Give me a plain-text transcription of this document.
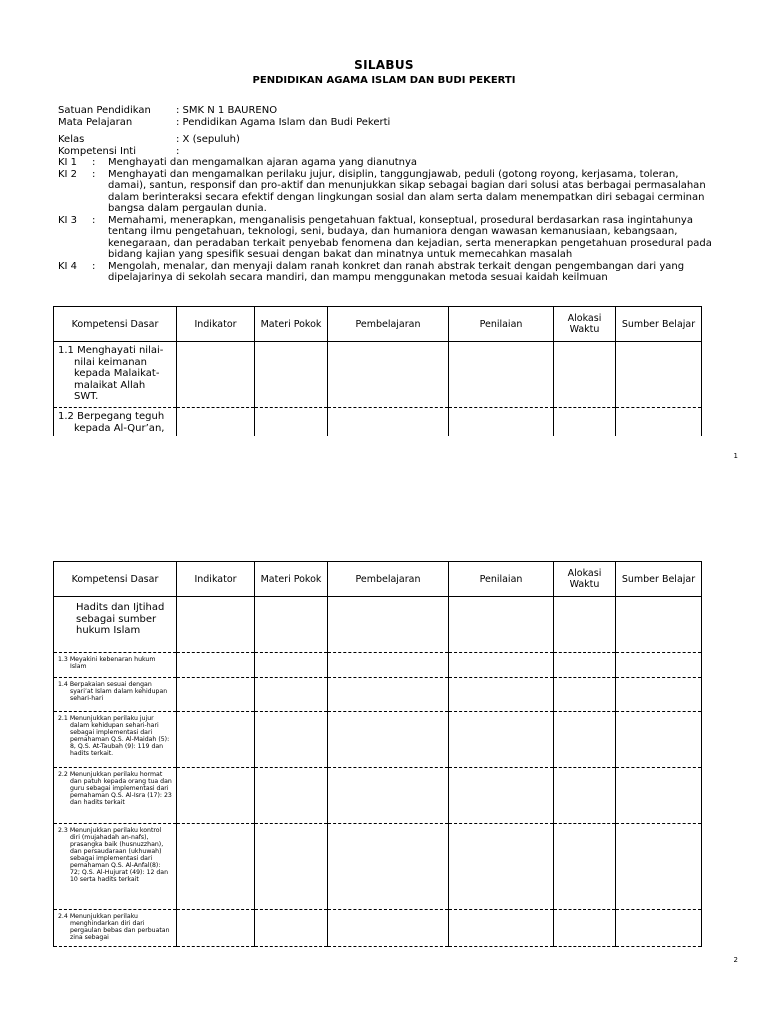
SILABUS
PENDIDIKAN AGAMA ISLAM DAN BUDI PEKERTI
Satuan Pendidikan	: SMK N 1 BAURENO
Mata Pelajaran	: Pendidikan Agama Islam dan Budi Pekerti
Kelas	: X (sepuluh)
Kompetensi Inti	:
KI 1	:	Menghayati dan mengamalkan ajaran agama yang dianutnya
KI 2	:	Menghayati dan mengamalkan perilaku jujur, disiplin, tanggungjawab, peduli (gotong royong, kerjasama, toleran, damai), santun, responsif dan pro-aktif dan menunjukkan sikap sebagai bagian dari solusi atas berbagai permasalahan dalam berinteraksi secara efektif dengan lingkungan sosial dan alam serta dalam menempatkan diri sebagai cerminan bangsa dalam pergaulan dunia.
KI 3	:	Memahami, menerapkan, menganalisis pengetahuan faktual, konseptual, prosedural berdasarkan rasa ingintahunya tentang ilmu pengetahuan, teknologi, seni, budaya, dan humaniora dengan wawasan kemanusiaan, kebangsaan, kenegaraan, dan peradaban terkait penyebab fenomena dan kejadian, serta menerapkan pengetahuan prosedural pada bidang kajian yang spesifik sesuai dengan bakat dan minatnya untuk memecahkan masalah
KI 4	:	Mengolah, menalar, dan menyaji dalam ranah konkret dan ranah abstrak terkait dengan pengembangan dari yang dipelajarinya di sekolah secara mandiri, dan mampu menggunakan metoda sesuai kaidah keilmuan
Kompetensi Dasar	Indikator	Materi Pokok	Pembelajaran	Penilaian	Alokasi Waktu	Sumber Belajar

1.1 Menghayati nilai-nilai keimanan kepada Malaikat-malaikat Allah SWT.						

1.2 Berpegang teguh kepada Al-Qur’an,						

1
Kompetensi Dasar	Indikator	Materi Pokok	Pembelajaran	Penilaian	Alokasi Waktu	Sumber Belajar

Hadits dan Ijtihad sebagai sumber hukum Islam						

1.3 Meyakini kebenaran hukum Islam						

1.4 Berpakaian sesuai dengan syari’at Islam dalam kehidupan sehari-hari						

2.1 Menunjukkan perilaku jujur dalam kehidupan sehari-hari sebagai implementasi dari pemahaman Q.S. Al-Maidah (5): 8, Q.S. At-Taubah (9): 119 dan hadits terkait.						

2.2 Menunjukkan perilaku hormat dan patuh kepada orang tua dan guru sebagai implementasi dari pemahaman Q.S. Al-Isra (17): 23 dan hadits terkait						

2.3 Menunjukkan perilaku kontrol diri (mujahadah an-nafs), prasangka baik (husnuzzhan), dan persaudaraan (ukhuwah) sebagai implementasi dari pemahaman Q.S. Al-Anfal(8): 72; Q.S. Al-Hujurat (49): 12 dan 10 serta hadits terkait						

2.4 Menunjukkan perilaku menghindarkan diri dari pergaulan bebas dan perbuatan zina sebagai						

2
